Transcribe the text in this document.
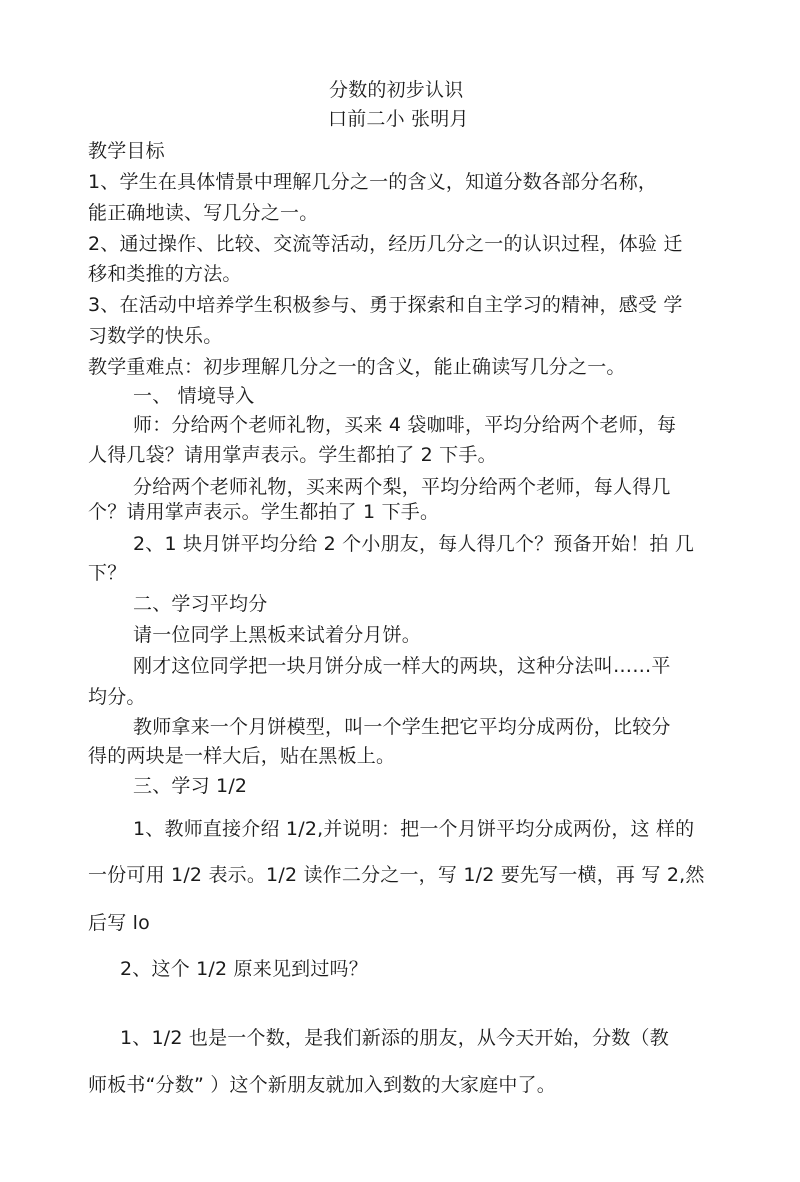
分数的初步认识

口前二小 张明月

教学目标

1、学生在具体情景中理解几分之一的含义，知道分数各部分名称，

能正确地读、写几分之一。

2、通过操作、比较、交流等活动，经历几分之一的认识过程，体验 迁

移和类推的方法。

3、在活动中培养学生积极参与、勇于探索和自主学习的精神，感受 学

习数学的快乐。

教学重难点：初步理解几分之一的含义，能止确读写几分之一。

一、 情境导入

师：分给两个老师礼物，买来 4 袋咖啡，平均分给两个老师，每

人得几袋？请用掌声表示。学生都拍了 2 下手。

分给两个老师礼物，买来两个梨，平均分给两个老师，每人得几

个？请用掌声表示。学生都拍了 1 下手。

2、1 块月饼平均分给 2 个小朋友，每人得几个？预备开始！拍 几

下？

二、学习平均分

请一位同学上黑板来试着分月饼。

刚才这位同学把一块月饼分成一样大的两块，这种分法叫……平

均分。

教师拿来一个月饼模型，叫一个学生把它平均分成两份，比较分

得的两块是一样大后，贴在黑板上。

三、学习 1/2

1、教师直接介绍 1/2,并说明：把一个月饼平均分成两份，这 样的

一份可用 1/2 表示。1/2 读作二分之一，写 1/2 要先写一横，再 写 2,然

后写 lo

2、这个 1/2 原来见到过吗？

1、1/2 也是一个数，是我们新添的朋友，从今天开始，分数（教

师板书“分数” ）这个新朋友就加入到数的大家庭中了。
